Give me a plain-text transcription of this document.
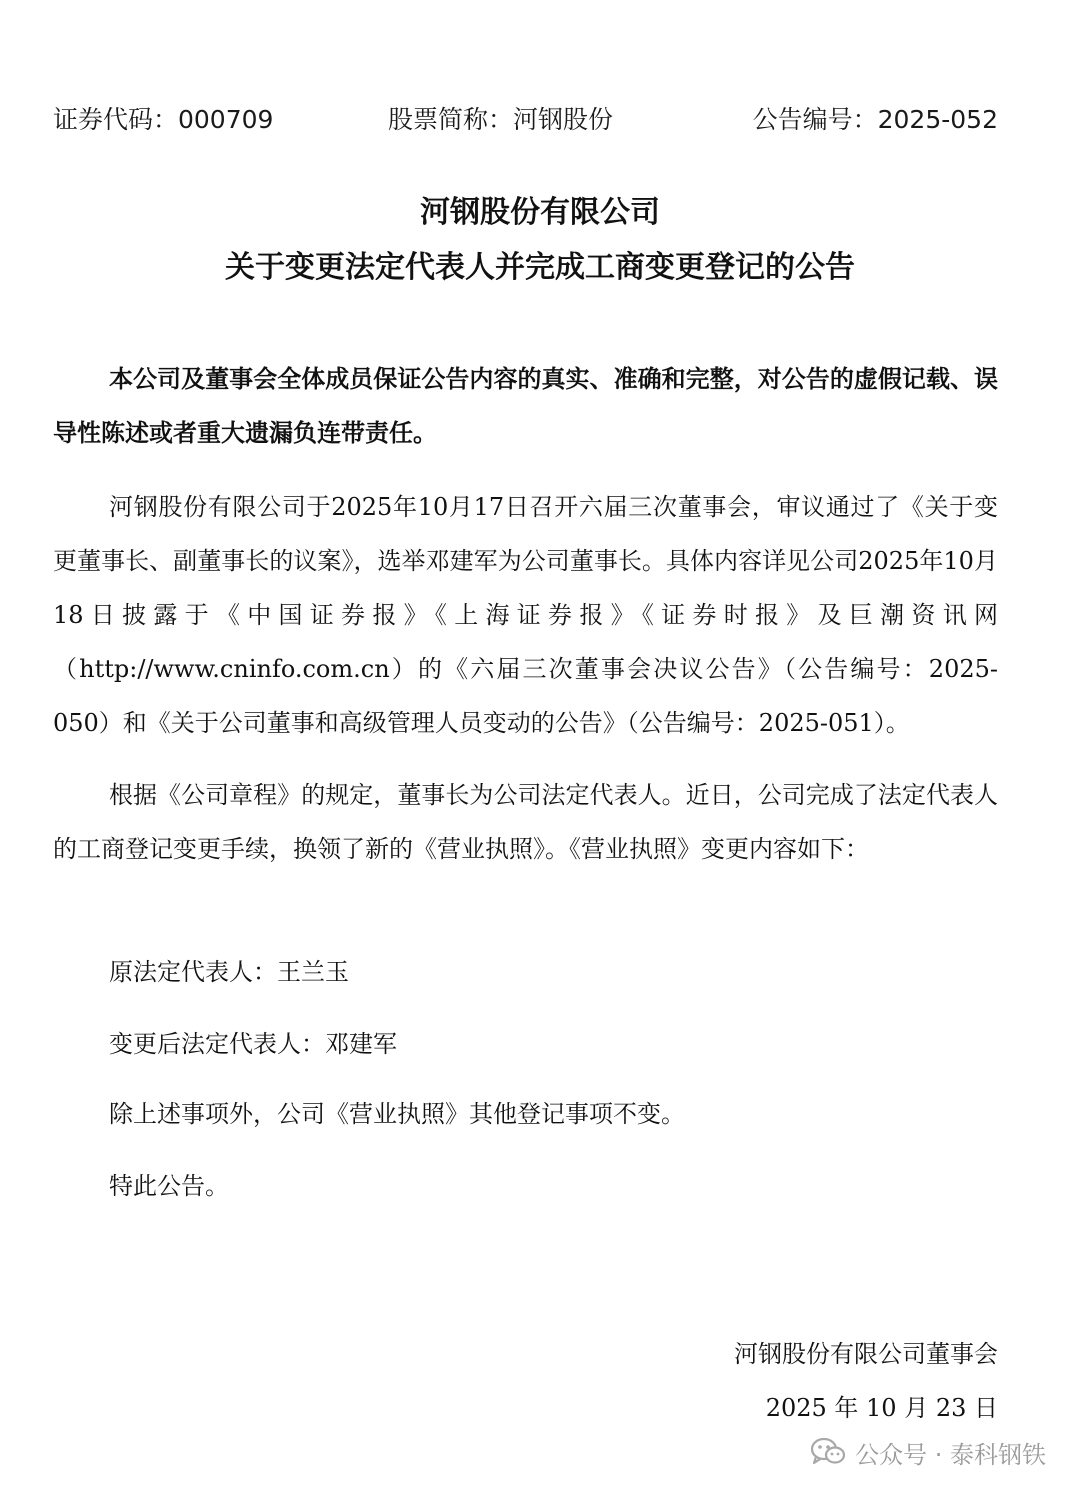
证券代码：000709	股票简称：河钢股份	公告编号：2025-052
河钢股份有限公司
关于变更法定代表人并完成工商变更登记的公告

本公司及董事会全体成员保证公告内容的真实、准确和完整，对公告的虚假记载、误导性陈述或者重大遗漏负连带责任。

河钢股份有限公司于2025年10月17日召开六届三次董事会，审议通过了《关于变更董事长、副董事长的议案》，选举邓建军为公司董事长。具体内容详见公司2025年10月18日披露于《中国证券报》《上海证券报》《证券时报》及巨潮资讯网（http://www.cninfo.com.cn）的《六届三次董事会决议公告》（公告编号：2025-050）和《关于公司董事和高级管理人员变动的公告》（公告编号：2025-051）。

根据《公司章程》的规定，董事长为公司法定代表人。近日，公司完成了法定代表人的工商登记变更手续，换领了新的《营业执照》。《营业执照》变更内容如下：

原法定代表人：王兰玉

变更后法定代表人：邓建军

除上述事项外，公司《营业执照》其他登记事项不变。

特此公告。

河钢股份有限公司董事会
2025 年 10 月 23 日
公众号 · 泰科钢铁
